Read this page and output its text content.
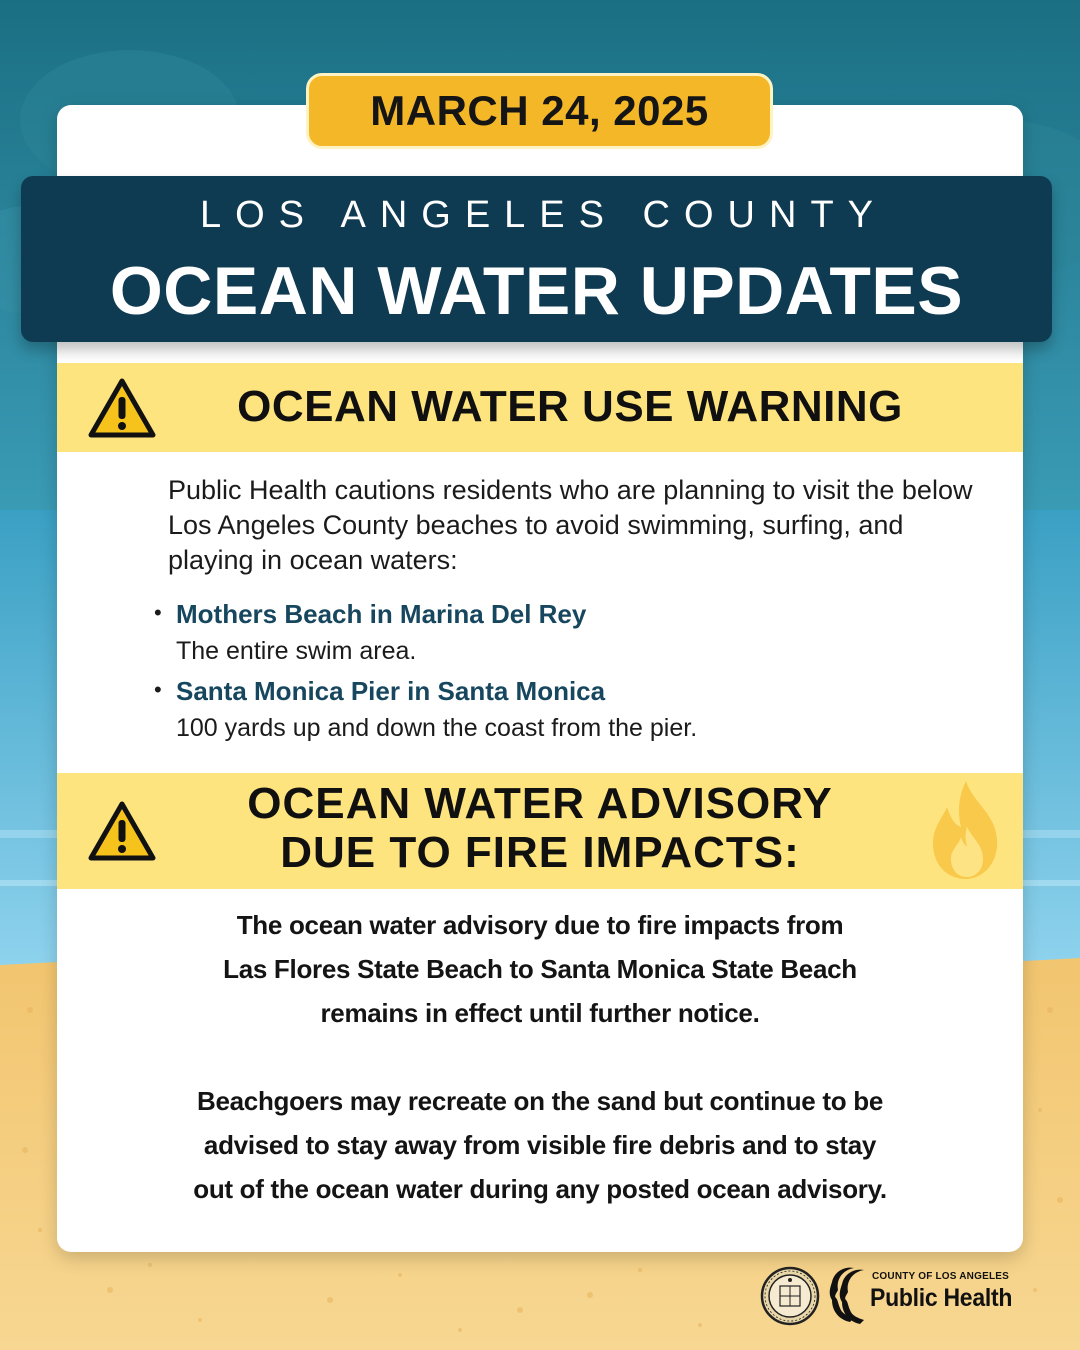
MARCH 24, 2025
LOS ANGELES COUNTY
OCEAN WATER UPDATES
OCEAN WATER USE WARNING

Public Health cautions residents who are planning to visit the below Los Angeles County beaches to avoid swimming, surfing, and playing in ocean waters:

• Mothers Beach in Marina Del Rey
The entire swim area.
• Santa Monica Pier in Santa Monica
100 yards up and down the coast from the pier.
OCEAN WATER ADVISORY
DUE TO FIRE IMPACTS:
The ocean water advisory due to fire impacts from
Las Flores State Beach to Santa Monica State Beach
remains in effect until further notice.
Beachgoers may recreate on the sand but continue to be
advised to stay away from visible fire debris and to stay
out of the ocean water during any posted ocean advisory.
COUNTY OF LOS ANGELES
Public Health
